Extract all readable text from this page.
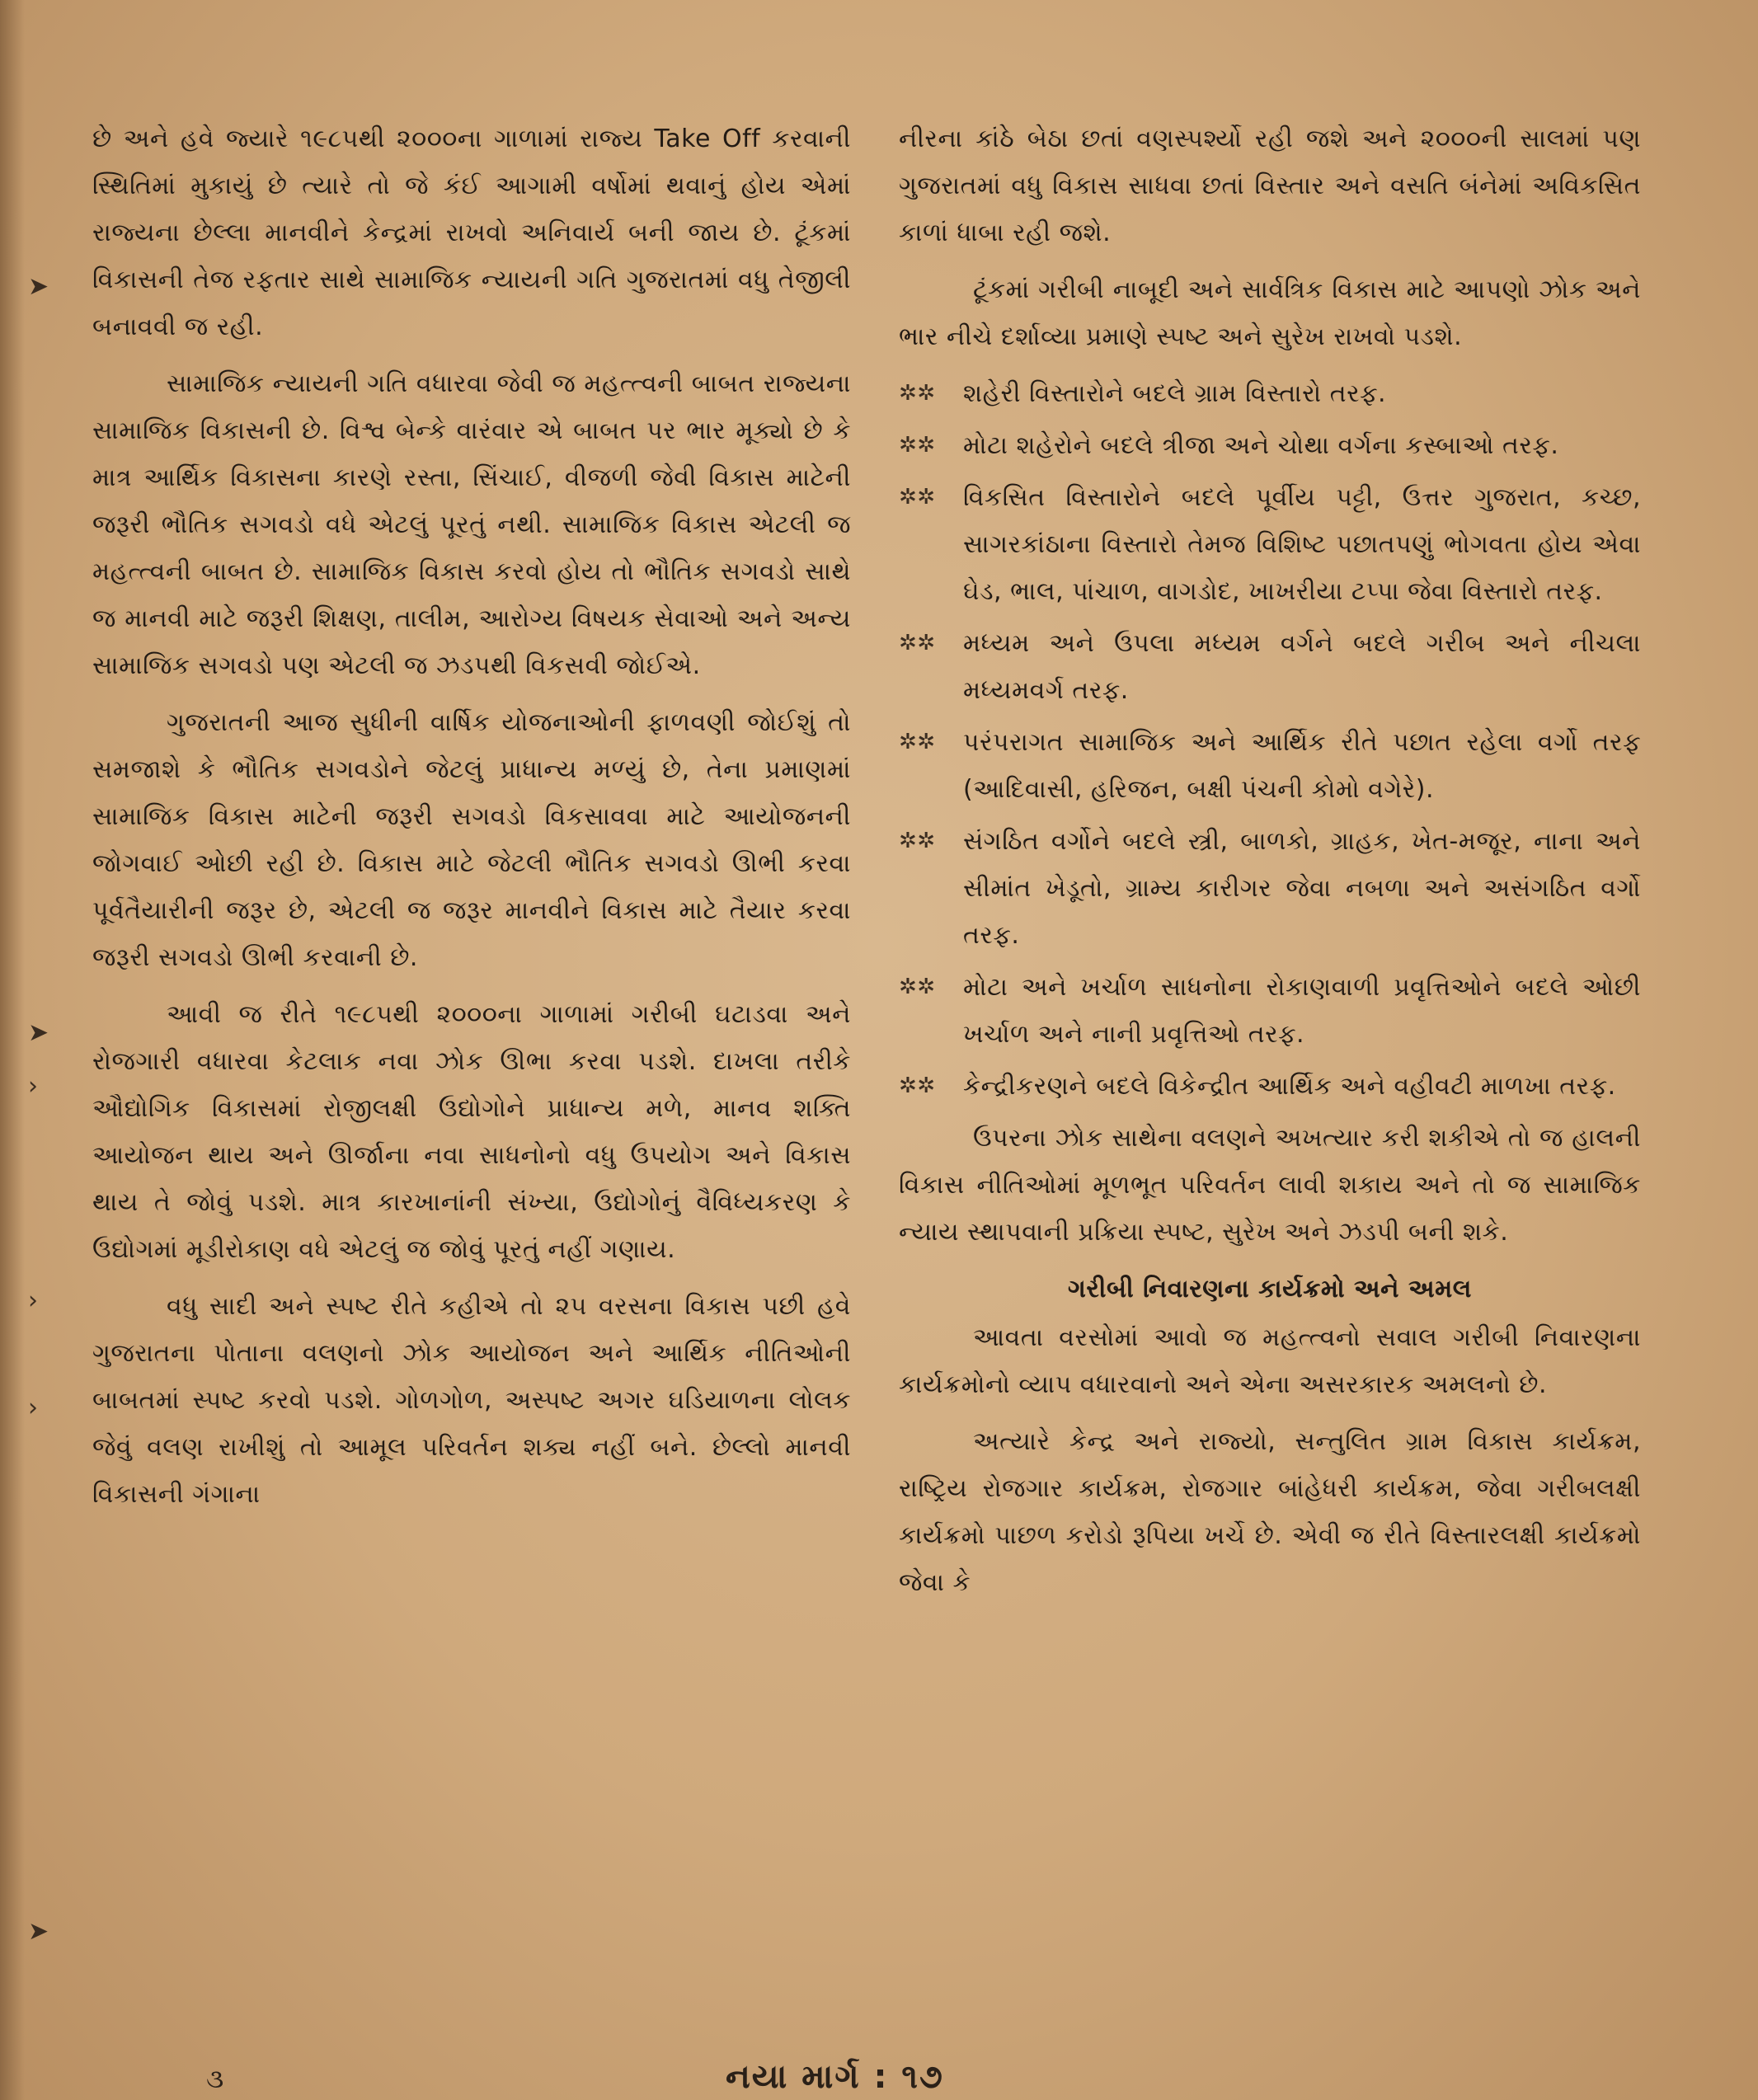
➤
➤
›
›
›
➤

છે અને હવે જ્યારે ૧૯૮૫થી ૨૦૦૦ના ગાળામાં રાજ્ય Take Off કરવાની સ્થિતિમાં મુકાયું છે ત્યારે તો જે કંઈ આગામી વર્ષોમાં થવાનું હોય એમાં રાજ્યના છેલ્લા માનવીને કેન્દ્રમાં રાખવો અનિવાર્ય બની જાય છે. ટૂંકમાં વિકાસની તેજ રફતાર સાથે સામાજિક ન્યાયની ગતિ ગુજરાતમાં વધુ તેજીલી બનાવવી જ રહી.

સામાજિક ન્યાયની ગતિ વધારવા જેવી જ મહત્ત્વની બાબત રાજ્યના સામાજિક વિકાસની છે. વિશ્વ બેન્કે વારંવાર એ બાબત પર ભાર મૂક્યો છે કે માત્ર આર્થિક વિકાસના કારણે રસ્તા, સિંચાઈ, વીજળી જેવી વિકાસ માટેની જરૂરી ભૌતિક સગવડો વધે એટલું પૂરતું નથી. સામાજિક વિકાસ એટલી જ મહત્ત્વની બાબત છે. સામાજિક વિકાસ કરવો હોય તો ભૌતિક સગવડો સાથે જ માનવી માટે જરૂરી શિક્ષણ, તાલીમ, આરોગ્ય વિષયક સેવાઓ અને અન્ય સામાજિક સગવડો પણ એટલી જ ઝડપથી વિકસવી જોઈએ.

ગુજરાતની આજ સુધીની વાર્ષિક યોજનાઓની ફાળવણી જોઈશું તો સમજાશે કે ભૌતિક સગવડોને જેટલું પ્રાધાન્ય મળ્યું છે, તેના પ્રમાણમાં સામાજિક વિકાસ માટેની જરૂરી સગવડો વિકસાવવા માટે આયોજનની જોગવાઈ ઓછી રહી છે. વિકાસ માટે જેટલી ભૌતિક સગવડો ઊભી કરવા પૂર્વતૈયારીની જરૂર છે, એટલી જ જરૂર માનવીને વિકાસ માટે તૈયાર કરવા જરૂરી સગવડો ઊભી કરવાની છે.

આવી જ રીતે ૧૯૮૫થી ૨૦૦૦ના ગાળામાં ગરીબી ઘટાડવા અને રોજગારી વધારવા કેટલાક નવા ઝોક ઊભા કરવા પડશે. દાખલા તરીકે ઔદ્યોગિક વિકાસમાં રોજીલક્ષી ઉદ્યોગોને પ્રાધાન્ય મળે, માનવ શક્તિ આયોજન થાય અને ઊર્જાના નવા સાધનોનો વધુ ઉપયોગ અને વિકાસ થાય તે જોવું પડશે. માત્ર કારખાનાંની સંખ્યા, ઉદ્યોગોનું વૈવિધ્યકરણ કે ઉદ્યોગમાં મૂડીરોકાણ વધે એટલું જ જોવું પૂરતું નહીં ગણાય.

વધુ સાદી અને સ્પષ્ટ રીતે કહીએ તો ૨૫ વરસના વિકાસ પછી હવે ગુજરાતના પોતાના વલણનો ઝોક આયોજન અને આર્થિક નીતિઓની બાબતમાં સ્પષ્ટ કરવો પડશે. ગોળગોળ, અસ્પષ્ટ અગર ઘડિયાળના લોલક જેવું વલણ રાખીશું તો આમૂલ પરિવર્તન શક્ય નહીં બને. છેલ્લો માનવી વિકાસની ગંગાના

નીરના કાંઠે બેઠા છતાં વણસ્પર્શ્યો રહી જશે અને ૨૦૦૦ની સાલમાં પણ ગુજરાતમાં વધુ વિકાસ સાધવા છતાં વિસ્તાર અને વસતિ બંનેમાં અવિકસિત કાળાં ધાબા રહી જશે.

ટૂંકમાં ગરીબી નાબૂદી અને સાર્વત્રિક વિકાસ માટે આપણો ઝોક અને ભાર નીચે દર્શાવ્યા પ્રમાણે સ્પષ્ટ અને સુરેખ રાખવો પડશે.

✲✲	શહેરી વિસ્તારોને બદલે ગ્રામ વિસ્તારો તરફ.
✲✲	મોટા શહેરોને બદલે ત્રીજા અને ચોથા વર્ગના કસ્બાઓ તરફ.
✲✲	વિકસિત વિસ્તારોને બદલે પૂર્વીય પટ્ટી, ઉત્તર ગુજરાત, કચ્છ, સાગરકાંઠાના વિસ્તારો તેમજ વિશિષ્ટ પછાતપણું ભોગવતા હોય એવા ઘેડ, ભાલ, પાંચાળ, વાગડોદ, ખાખરીયા ટપ્પા જેવા વિસ્તારો તરફ.
✲✲	મધ્યમ અને ઉપલા મધ્યમ વર્ગને બદલે ગરીબ અને નીચલા મધ્યમવર્ગ તરફ.
✲✲	પરંપરાગત સામાજિક અને આર્થિક રીતે પછાત રહેલા વર્ગો તરફ (આદિવાસી, હરિજન, બક્ષી પંચની કોમો વગેરે).
✲✲	સંગઠિત વર્ગોને બદલે સ્ત્રી, બાળકો, ગ્રાહક, ખેત-મજૂર, નાના અને સીમાંત ખેડૂતો, ગ્રામ્ય કારીગર જેવા નબળા અને અસંગઠિત વર્ગો તરફ.
✲✲	મોટા અને ખર્ચાળ સાધનોના રોકાણવાળી પ્રવૃત્તિઓને બદલે ઓછી ખર્ચાળ અને નાની પ્રવૃત્તિઓ તરફ.
✲✲	કેન્દ્રીકરણને બદલે વિકેન્દ્રીત આર્થિક અને વહીવટી માળખા તરફ.

ઉપરના ઝોક સાથેના વલણને અખત્યાર કરી શકીએ તો જ હાલની વિકાસ નીતિઓમાં મૂળભૂત પરિવર્તન લાવી શકાય અને તો જ સામાજિક ન્યાય સ્થાપવાની પ્રક્રિયા સ્પષ્ટ, સુરેખ અને ઝડપી બની શકે.

ગરીબી નિવારણના કાર્યક્રમો અને અમલ

આવતા વરસોમાં આવો જ મહત્ત્વનો સવાલ ગરીબી નિવારણના કાર્યક્રમોનો વ્યાપ વધારવાનો અને એના અસરકારક અમલનો છે.

અત્યારે કેન્દ્ર અને રાજ્યો, સન્તુલિત ગ્રામ વિકાસ કાર્યક્રમ, રાષ્ટ્રિય રોજગાર કાર્યક્રમ, રોજગાર બાંહેધરી કાર્યક્રમ, જેવા ગરીબલક્ષી કાર્યક્રમો પાછળ કરોડો રૂપિયા ખર્ચે છે. એવી જ રીતે વિસ્તારલક્ષી કાર્યક્રમો જેવા કે

૩	નયા માર્ગ : ૧૭
